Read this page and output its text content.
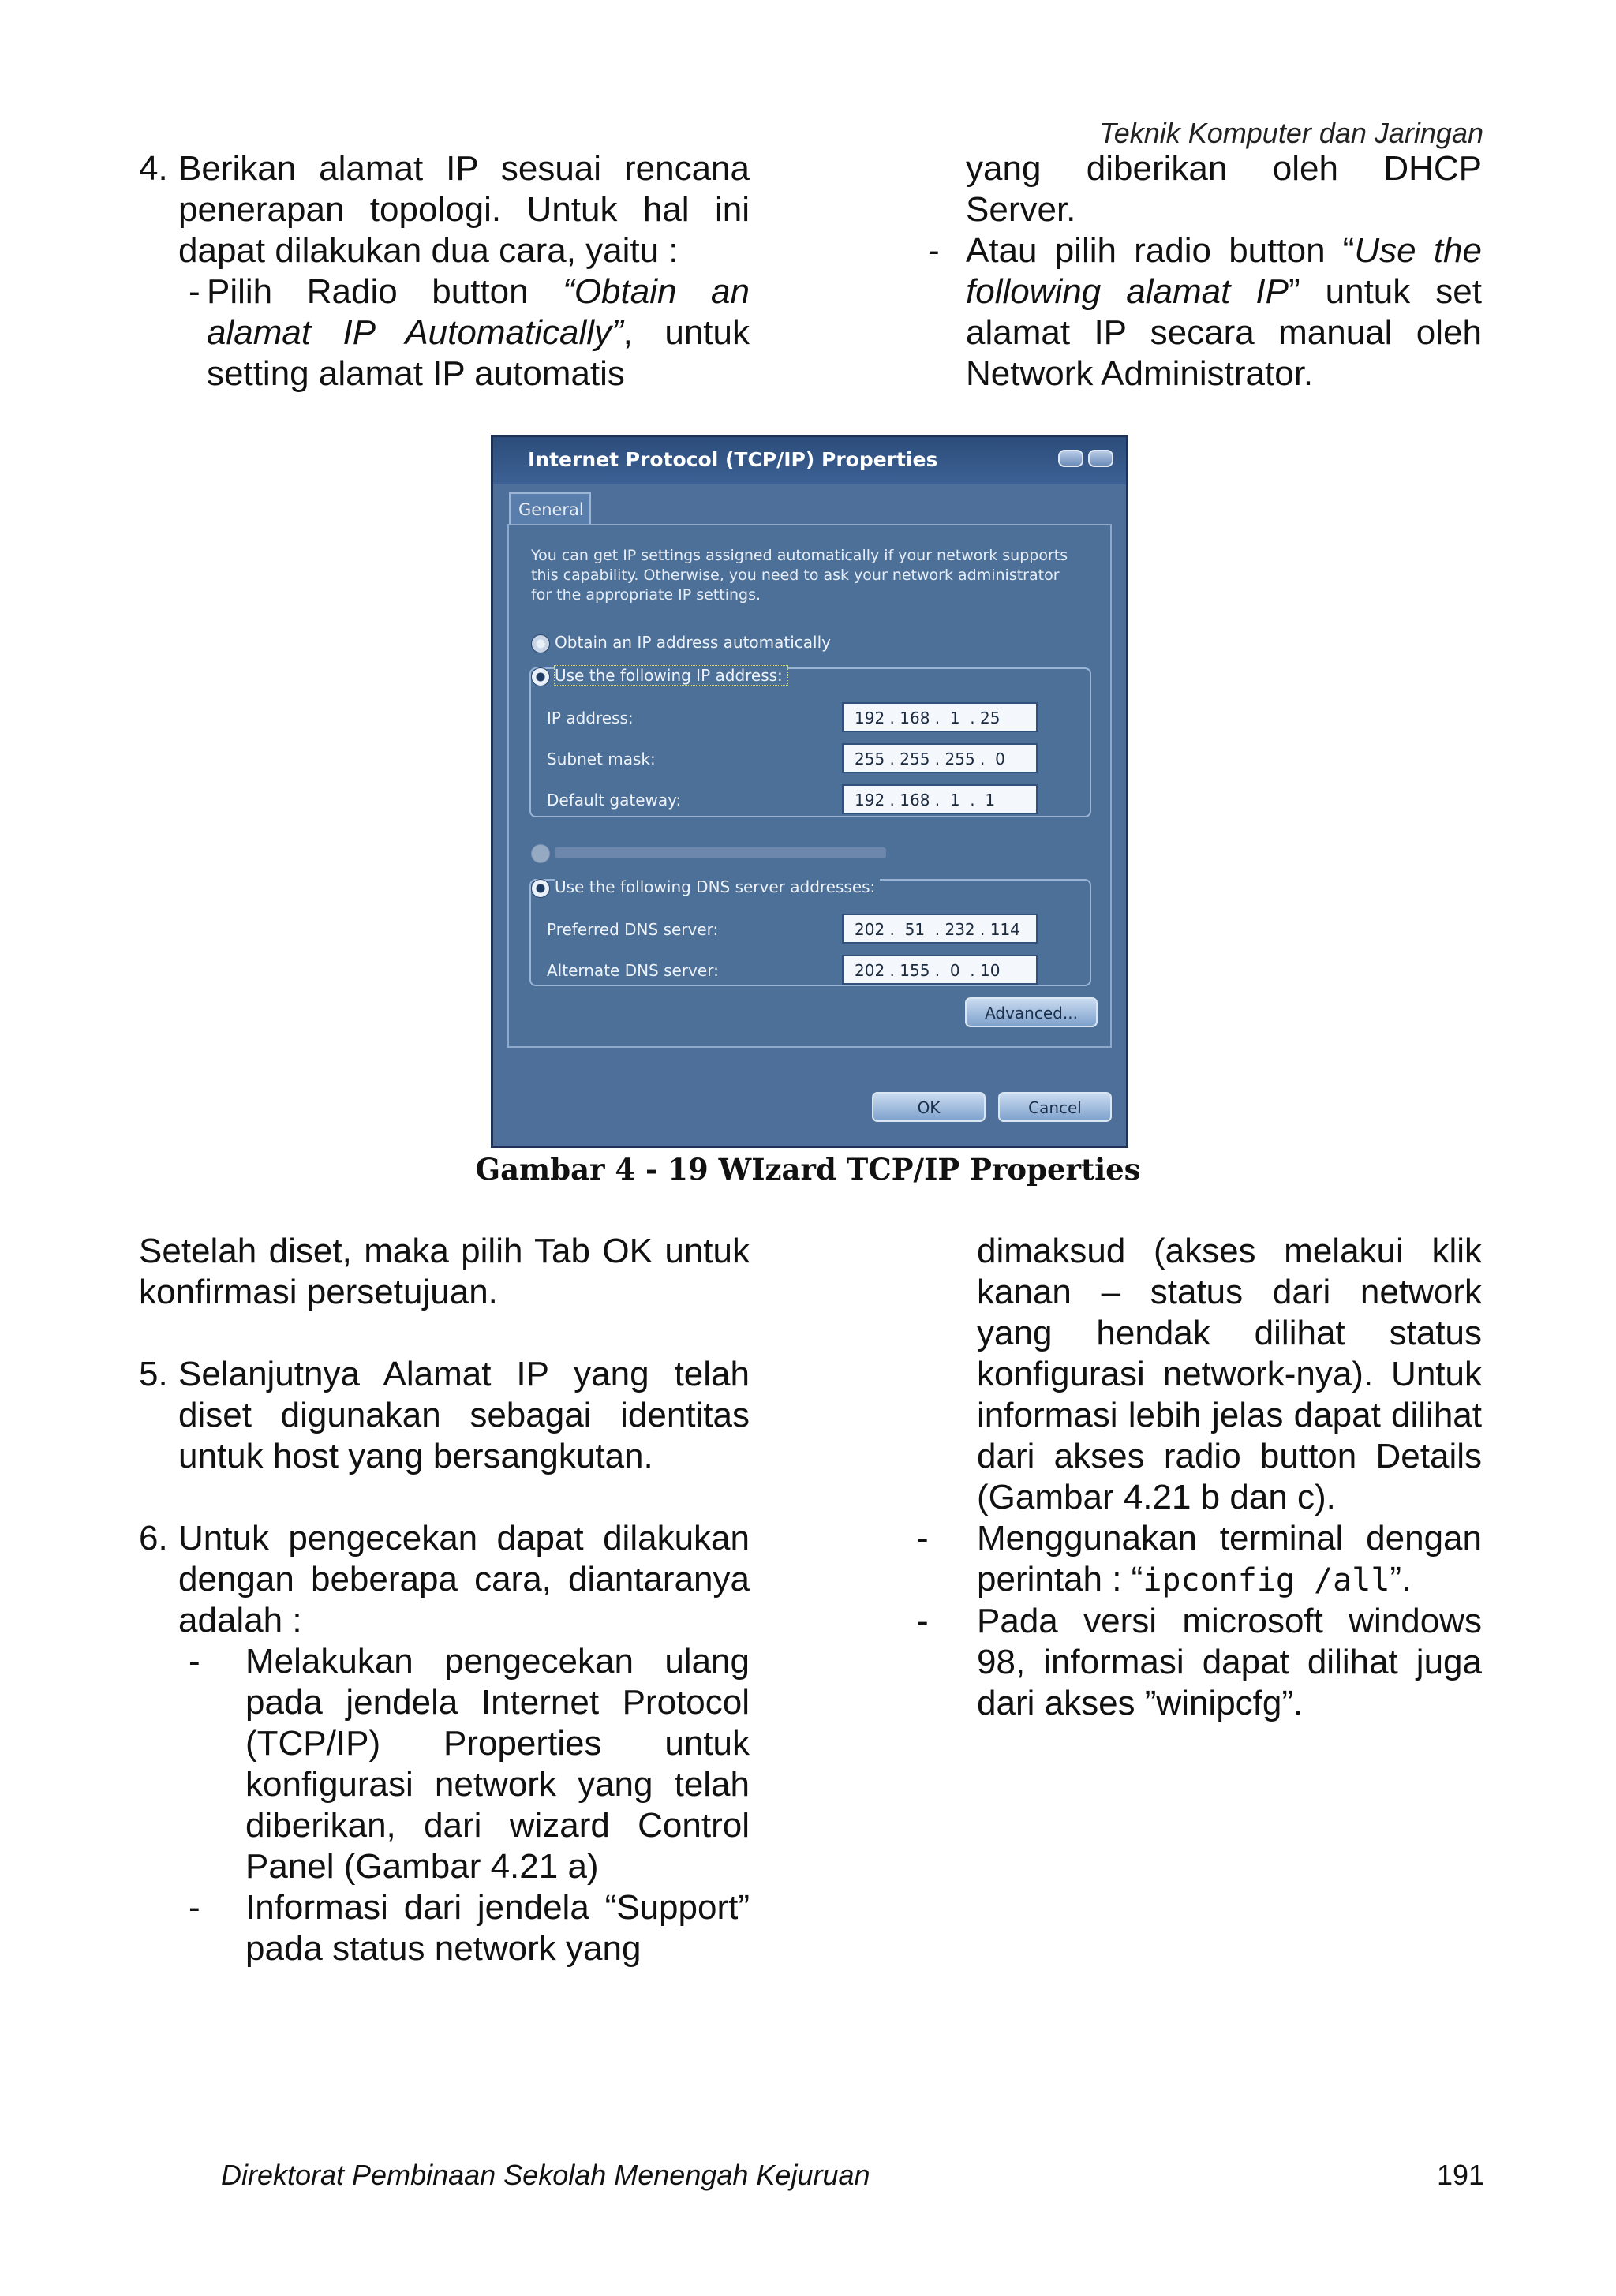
Teknik Komputer dan Jaringan
4. Berikan alamat IP sesuai rencana penerapan topologi. Untuk hal ini dapat dilakukan dua cara, yaitu :

- Pilih Radio button “Obtain an alamat IP Automatically”, untuk setting alamat IP automatis

yang diberikan oleh DHCP Server.

- Atau pilih radio button “Use the following alamat IP” untuk set alamat IP secara manual oleh Network Administrator.

Internet Protocol (TCP/IP) Properties
General
You can get IP settings assigned automatically if your network supports this capability. Otherwise, you need to ask your network administrator for the appropriate IP settings.
Obtain an IP address automatically
Use the following IP address:
IP address:	192 . 168 .  1  . 25
Subnet mask:	255 . 255 . 255 .  0
Default gateway:	192 . 168 .  1  .  1
Use the following DNS server addresses:
Preferred DNS server:	202 .  51  . 232 . 114
Alternate DNS server:	202 . 155 .  0  . 10
Advanced...
OK	Cancel
Gambar 4 - 19 WIzard TCP/IP Properties

Setelah diset, maka pilih Tab OK untuk konfirmasi persetujuan.

5. Selanjutnya Alamat IP yang telah diset digunakan sebagai identitas untuk host yang bersangkutan.

6. Untuk pengecekan dapat dilakukan dengan beberapa cara, diantaranya adalah :

- Melakukan pengecekan ulang pada jendela Internet Protocol (TCP/IP) Properties untuk konfigurasi network yang telah diberikan, dari wizard Control Panel (Gambar 4.21 a)

- Informasi dari jendela “Support” pada status network yang

dimaksud (akses melakui klik kanan – status dari network yang hendak dilihat status konfigurasi network-nya). Untuk informasi lebih jelas dapat dilihat dari akses radio button Details (Gambar 4.21 b dan c).

- Menggunakan terminal dengan perintah : “ipconfig /all”.

- Pada versi microsoft windows 98, informasi dapat dilihat juga dari akses ”winipcfg”.

Direktorat Pembinaan Sekolah Menengah Kejuruan	191
